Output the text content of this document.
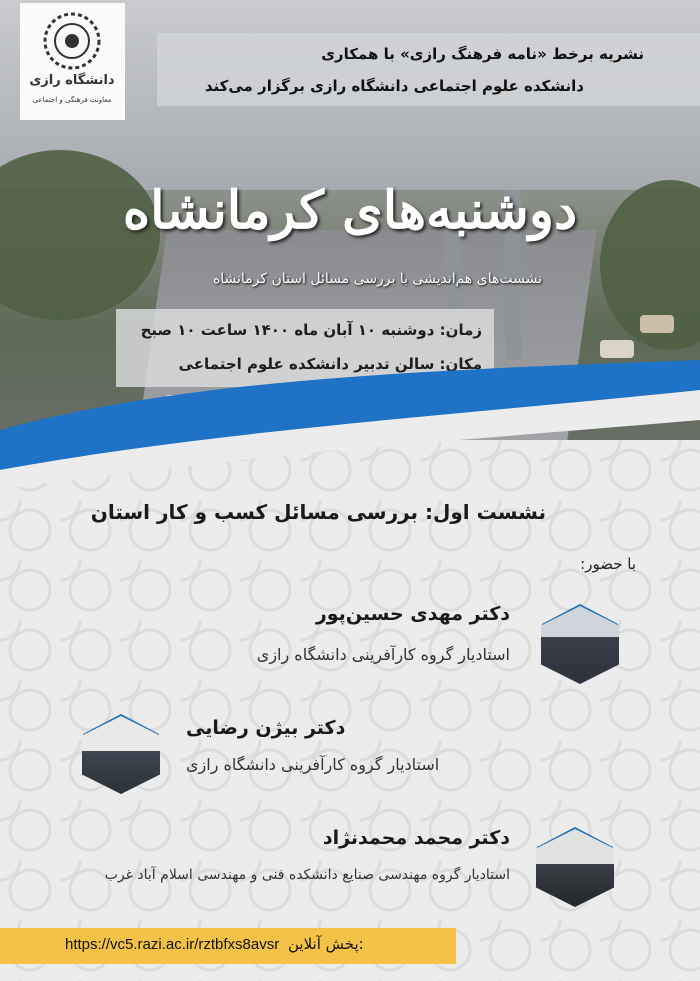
دانشگاه رازی
معاونت فرهنگی و اجتماعی
نشریه برخط «نامه فرهنگ رازی» با همکاری
دانشکده علوم اجتماعی دانشگاه رازی برگزار می‌کند
دوشنبه‌های کرمانشاه
نشست‌های هم‌اندیشی با بررسی مسائل استان کرمانشاه
زمان: دوشنبه ۱۰ آبان ماه ۱۴۰۰ ساعت ۱۰ صبح
مکان: سالن تدبیر دانشکده علوم اجتماعی
نشست اول: بررسی مسائل کسب و کار استان
با حضور:
دکتر مهدی حسین‌پور
استادیار گروه کارآفرینی دانشگاه رازی
دکتر بیژن رضایی
استادیار گروه کارآفرینی دانشگاه رازی
دکتر محمد محمدنژاد
استادیار گروه مهندسی صنایع دانشکده فنی و مهندسی اسلام آباد غرب
https://vc5.razi.ac.ir/rztbfxs8avsr پخش آنلاین:
